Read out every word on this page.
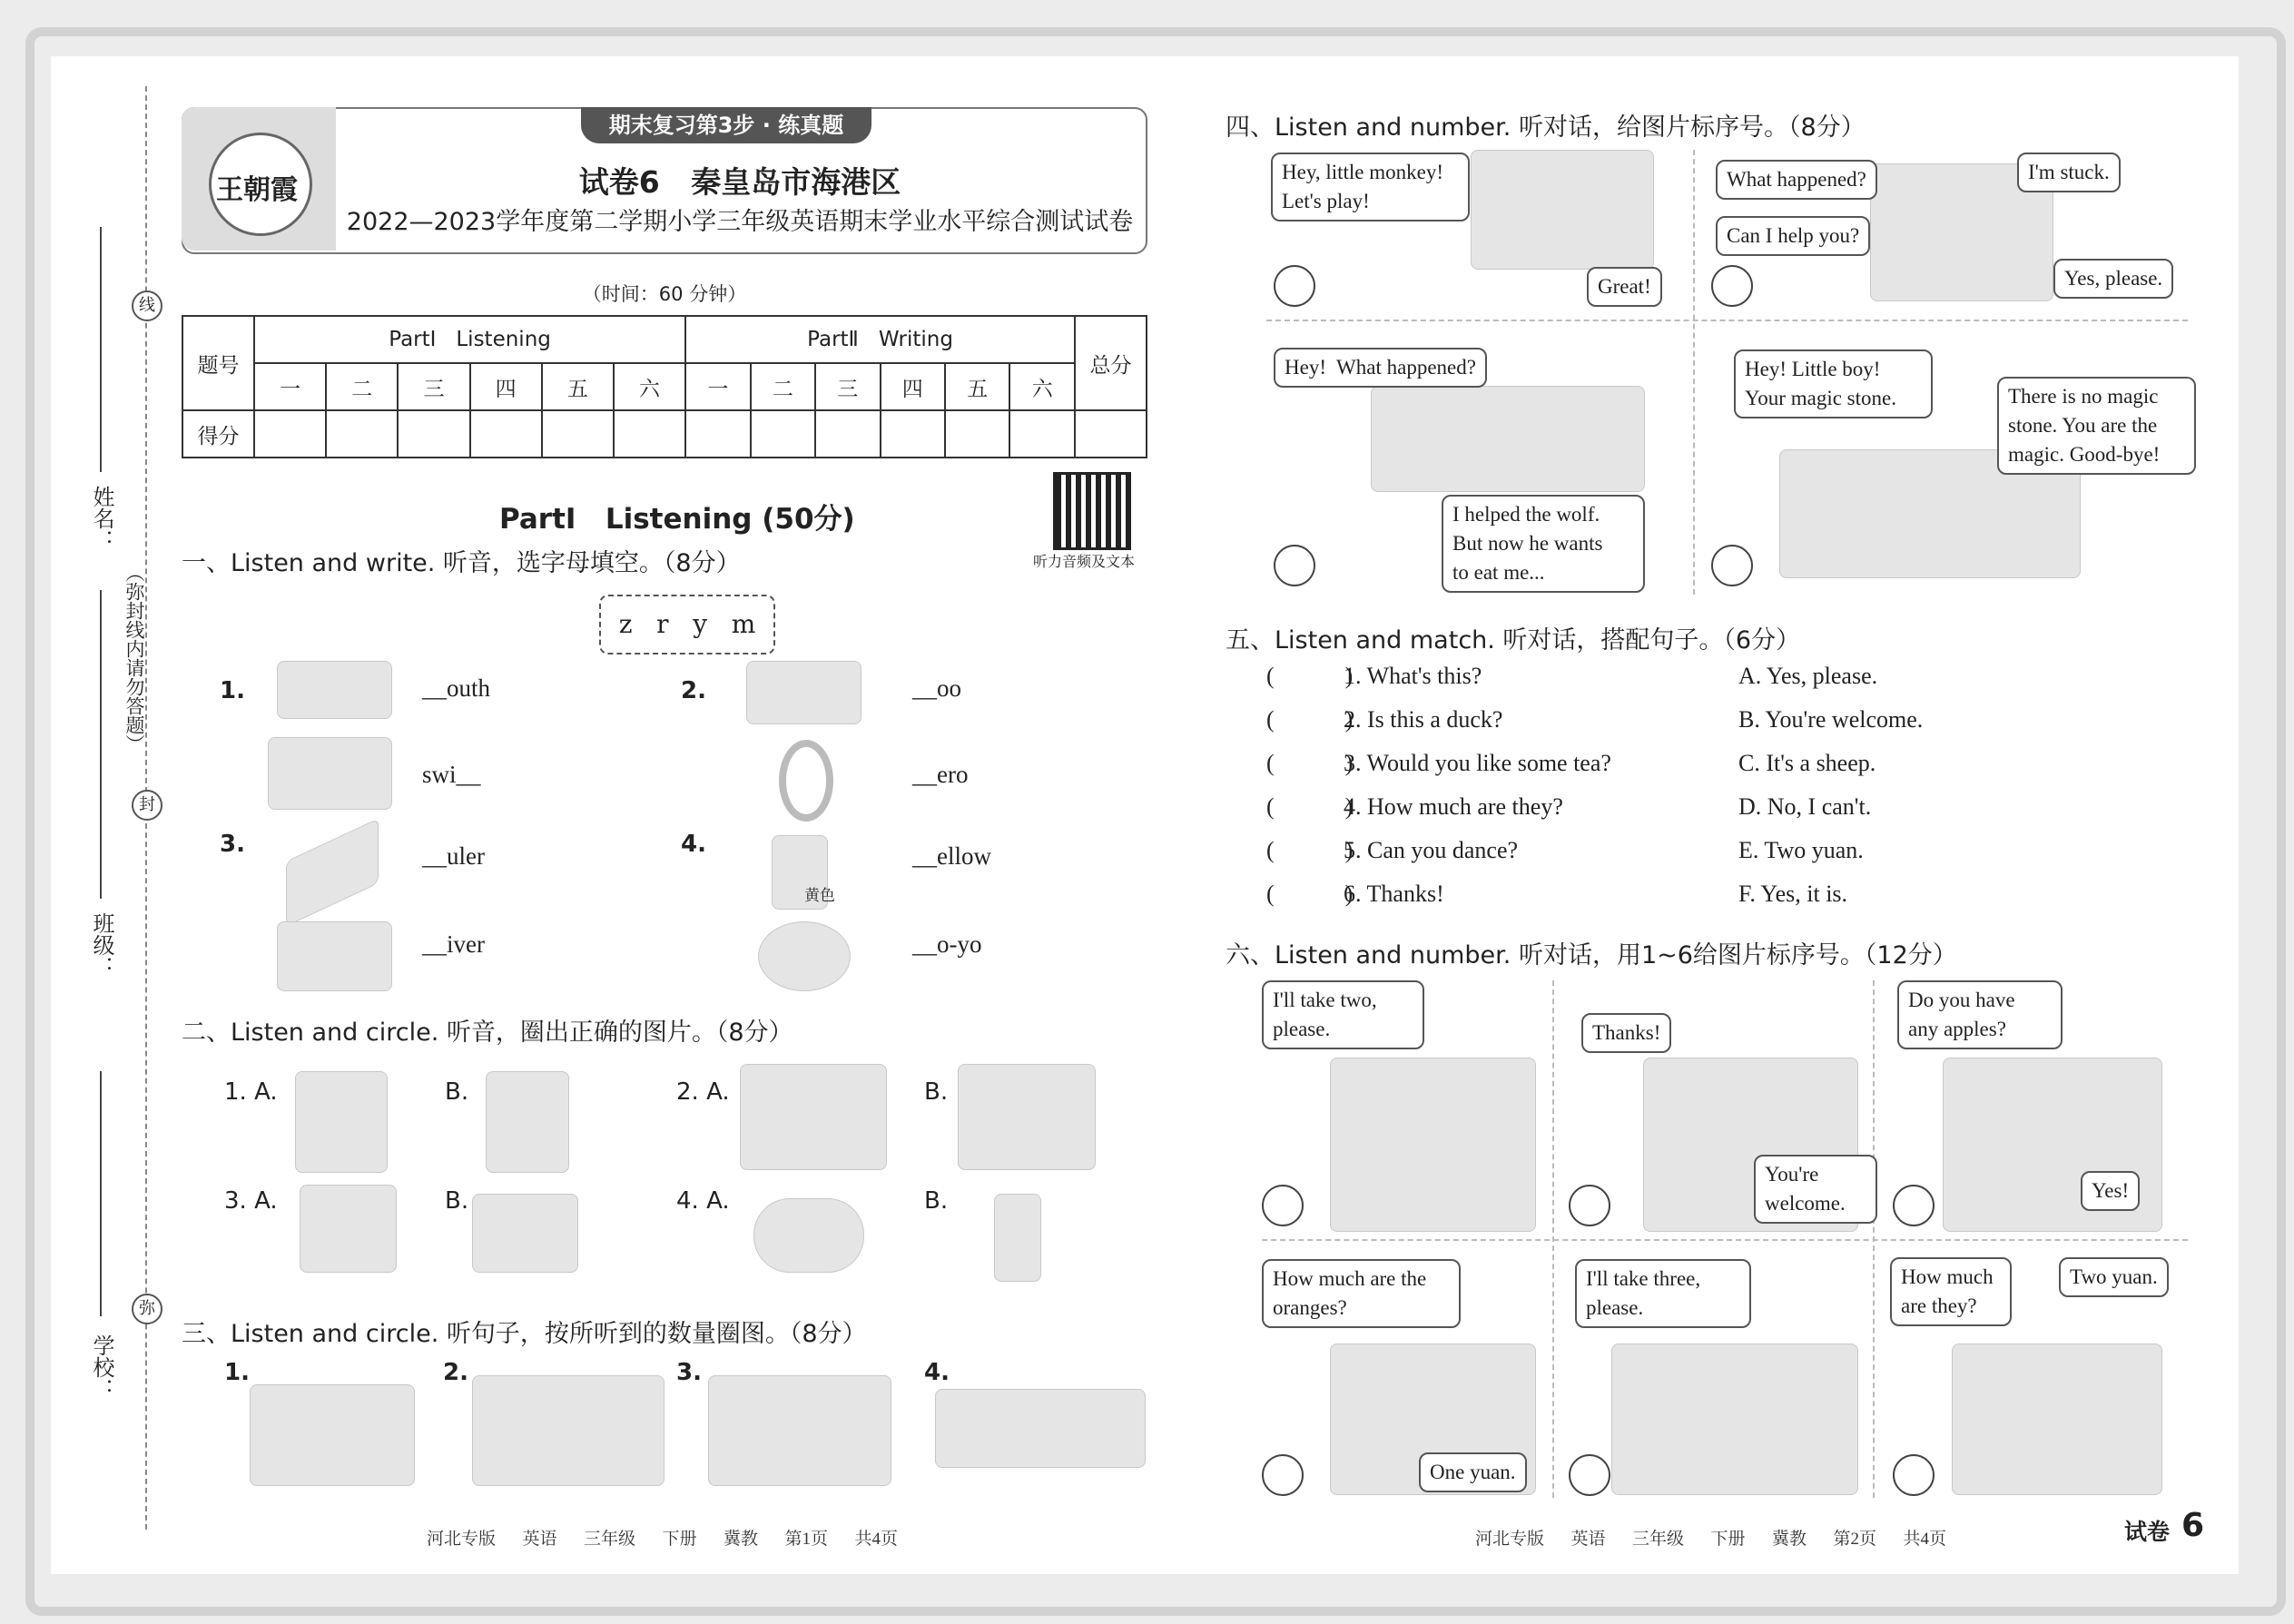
学校：
班级：
姓名：
（弥封线内请勿答题）
线
封
弥
王朝霞
期末复习第3步 · 练真题
试卷6   秦皇岛市海港区
2022—2023学年度第二学期小学三年级英语期末学业水平综合测试试卷
（时间：60 分钟）
题号	PartⅠ   Listening						PartⅡ   Writing						总分
	一	二	三	四	五	六	一	二	三	四	五	六	
得分													
PartⅠ   Listening (50分)
听力音频及文本
一、Listen and write. 听音，选字母填空。（8分）
z   r   y   m
1.	__outh	2.	__oo
swi__	__ero
3.	__uler	4.
黄色
__ellow
__iver	__o-yo
二、Listen and circle. 听音，圈出正确的图片。（8分）
1. A.	B.	2. A.	B.
3. A.	B.	4. A.	B.
三、Listen and circle. 听句子，按所听到的数量圈图。（8分）
1.	2.	3.	4.
河北专版  英语  三年级  下册  冀教  第1页  共4页
四、Listen and number. 听对话，给图片标序号。（8分）
Hey, little monkey!
Let's play!
Great!
What happened?	I'm stuck.
Can I help you?
Yes, please.
Hey!  What happened?
I helped the wolf.
But now he wants
to eat me...
Hey! Little boy!
Your magic stone.	There is no magic
stone. You are the
magic. Good-bye!
五、Listen and match. 听对话，搭配句子。（6分）
(            )
1. What's this?	A. Yes, please.
(            )
2. Is this a duck?	B. You're welcome.
(            )
3. Would you like some tea?	C. It's a sheep.
(            )
4. How much are they?	D. No, I can't.
(            )
5. Can you dance?	E. Two yuan.
(            )
6. Thanks!	F. Yes, it is.
六、Listen and number. 听对话，用1~6给图片标序号。（12分）
I'll take two,
please.	Thanks!
You're
welcome.
Do you have
any apples?
Yes!
How much are the
oranges?
One yuan.
I'll take three,
please.
How much
are they?
Two yuan.
河北专版  英语  三年级  下册  冀教  第2页  共4页	试卷 6
